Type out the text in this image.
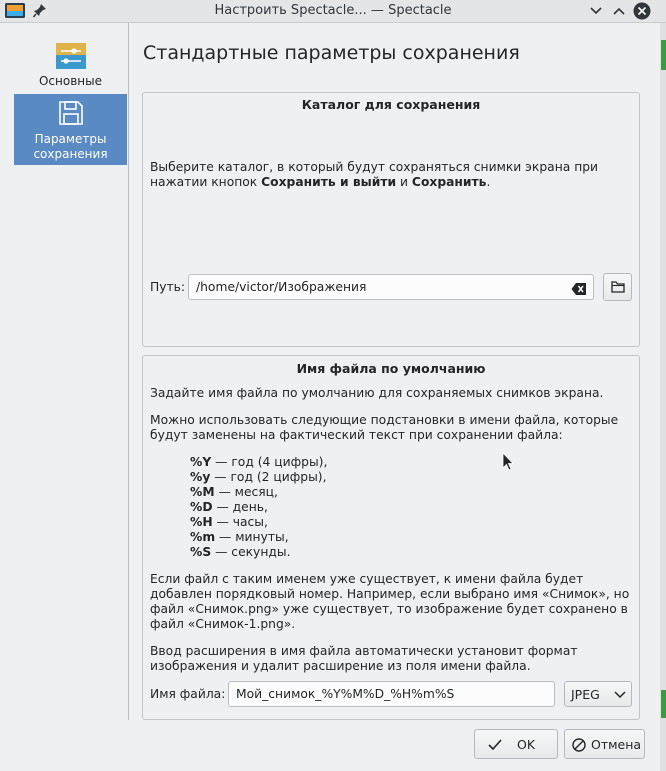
Настроить Spectacle... — Spectacle
Основные
Параметры сохранения
Стандартные параметры сохранения
Каталог для сохранения
Выберите каталог, в который будут сохраняться снимки экрана при нажатии кнопок Сохранить и выйти и Сохранить.
Путь: /home/victor/Изображения
Имя файла по умолчанию
Задайте имя файла по умолчанию для сохраняемых снимков экрана.
Можно использовать следующие подстановки в имени файла, которые будут заменены на фактический текст при сохранении файла:
%Y — год (4 цифры),
%y — год (2 цифры),
%M — месяц,
%D — день,
%H — часы,
%m — минуты,
%S — секунды.
Если файл с таким именем уже существует, к имени файла будет добавлен порядковый номер. Например, если выбрано имя «Снимок», но файл «Снимок.png» уже существует, то изображение будет сохранено в файл «Снимок-1.png».
Ввод расширения в имя файла автоматически установит формат изображения и удалит расширение из поля имени файла.
Имя файла: Мой_снимок_%Y%M%D_%H%m%S	JPEG
OK	Отмена
